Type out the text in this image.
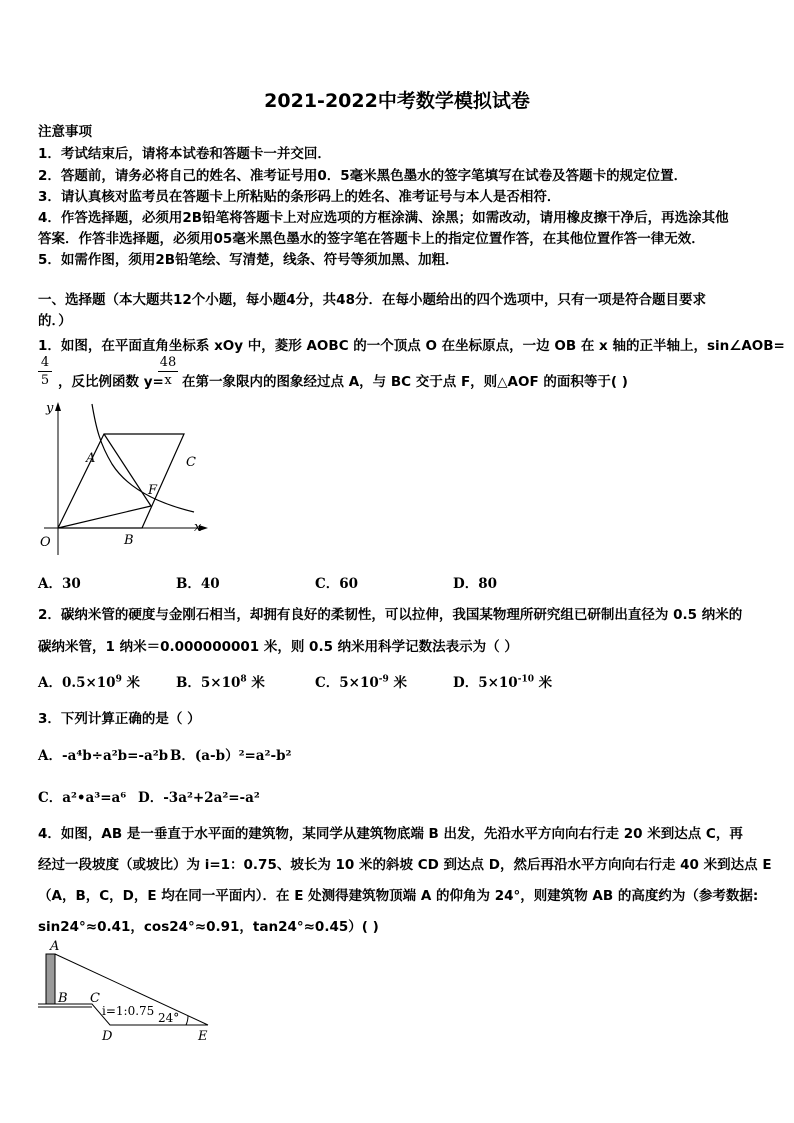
2021-2022中考数学模拟试卷
注意事项
1．考试结束后，请将本试卷和答题卡一并交回．
2．答题前，请务必将自己的姓名、准考证号用0．5毫米黑色墨水的签字笔填写在试卷及答题卡的规定位置．
3．请认真核对监考员在答题卡上所粘贴的条形码上的姓名、准考证号与本人是否相符．
4．作答选择题，必须用2B铅笔将答题卡上对应选项的方框涂满、涂黑；如需改动，请用橡皮擦干净后，再选涂其他
答案．作答非选择题，必须用05毫米黑色墨水的签字笔在答题卡上的指定位置作答，在其他位置作答一律无效．
5．如需作图，须用2B铅笔绘、写清楚，线条、符号等须加黑、加粗．
一、选择题（本大题共12个小题，每小题4分，共48分．在每小题给出的四个选项中，只有一项是符合题目要求
的．）
1．如图，在平面直角坐标系 xOy 中，菱形 AOBC 的一个顶点 O 在坐标原点，一边 OB 在 x 轴的正半轴上，sin∠AOB=
4
5 ，反比例函数 y=
48
x 在第一象限内的图象经过点 A，与 BC 交于点 F，则△AOF 的面积等于( )
y
x
O
A	C
F
B
A．30	B．40	C．60	D．80
2．碳纳米管的硬度与金刚石相当，却拥有良好的柔韧性，可以拉伸，我国某物理所研究组已研制出直径为 0.5 纳米的
碳纳米管，1 纳米＝0.000000001 米，则 0.5 纳米用科学记数法表示为（ ）
A．$0.5\times 10^9$ 米	B．$5\times 10^8$ 米	C．$5\times 10^{-9}$ 米	D．$5\times 10^{-10}$ 米
3．下列计算正确的是（ ）
A．-a⁴b÷a²b=-a²b B．(a-b）²=a²-b²
C．a²•a³=a⁶ D．-3a²+2a²=-a²
4．如图，AB 是一垂直于水平面的建筑物，某同学从建筑物底端 B 出发，先沿水平方向向右行走 20 米到达点 C，再
经过一段坡度（或坡比）为 i=1：0.75、坡长为 10 米的斜坡 CD 到达点 D，然后再沿水平方向向右行走 40 米到达点 E
（A，B，C，D，E 均在同一平面内）．在 E 处测得建筑物顶端 A 的仰角为 24°，则建筑物 AB 的高度约为（参考数据:
sin24°≈0.41，cos24°≈0.91，tan24°≈0.45）( )
A
B C
D	E
i=1:0.75 24°
